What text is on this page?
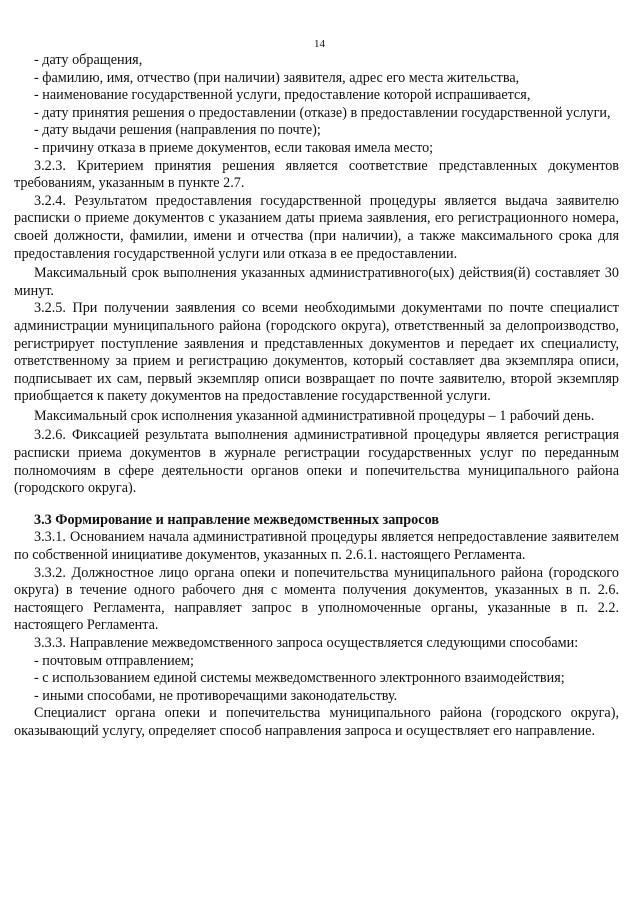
14

- дату обращения,

- фамилию, имя, отчество (при наличии) заявителя, адрес его места жительства,

- наименование государственной услуги, предоставление которой испрашивается,

- дату принятия решения о предоставлении (отказе) в предоставлении государственной услуги,

- дату выдачи решения (направления по почте);

- причину отказа в приеме документов, если таковая имела место;

3.2.3. Критерием принятия решения является соответствие представленных документов требованиям, указанным в пункте 2.7.

3.2.4. Результатом предоставления государственной процедуры является выдача заявителю расписки о приеме документов с указанием даты приема заявления, его регистрационного номера, своей должности, фамилии, имени и отчества (при наличии), а также максимального срока для предоставления государственной услуги или отказа в ее предоставлении.

Максимальный срок выполнения указанных административного(ых) действия(й) составляет 30 минут.

3.2.5. При получении заявления со всеми необходимыми документами по почте специалист администрации муниципального района (городского округа), ответственный за делопроизводство, регистрирует поступление заявления и представленных документов и передает их специалисту, ответственному за прием и регистрацию документов, который составляет два экземпляра описи, подписывает их сам, первый экземпляр описи возвращает по почте заявителю, второй экземпляр приобщается к пакету документов на предоставление государственной услуги.

Максимальный срок исполнения указанной административной процедуры – 1 рабочий день.

3.2.6. Фиксацией результата выполнения административной процедуры является регистрация расписки приема документов в журнале регистрации государственных услуг по переданным полномочиям в сфере деятельности органов опеки и попечительства муниципального района (городского округа).

3.3 Формирование и направление межведомственных запросов

3.3.1. Основанием начала административной процедуры является непредоставление заявителем по собственной инициативе документов, указанных п. 2.6.1. настоящего Регламента.

3.3.2. Должностное лицо органа опеки и попечительства муниципального района (городского округа) в течение одного рабочего дня с момента получения документов, указанных в п. 2.6. настоящего Регламента, направляет запрос в уполномоченные органы, указанные в п. 2.2. настоящего Регламента.

3.3.3. Направление межведомственного запроса осуществляется следующими способами:

- почтовым отправлением;

- с использованием единой системы межведомственного электронного взаимодействия;

- иными способами, не противоречащими законодательству.

Специалист органа опеки и попечительства муниципального района (городского округа), оказывающий услугу, определяет способ направления запроса и осуществляет его направление.
